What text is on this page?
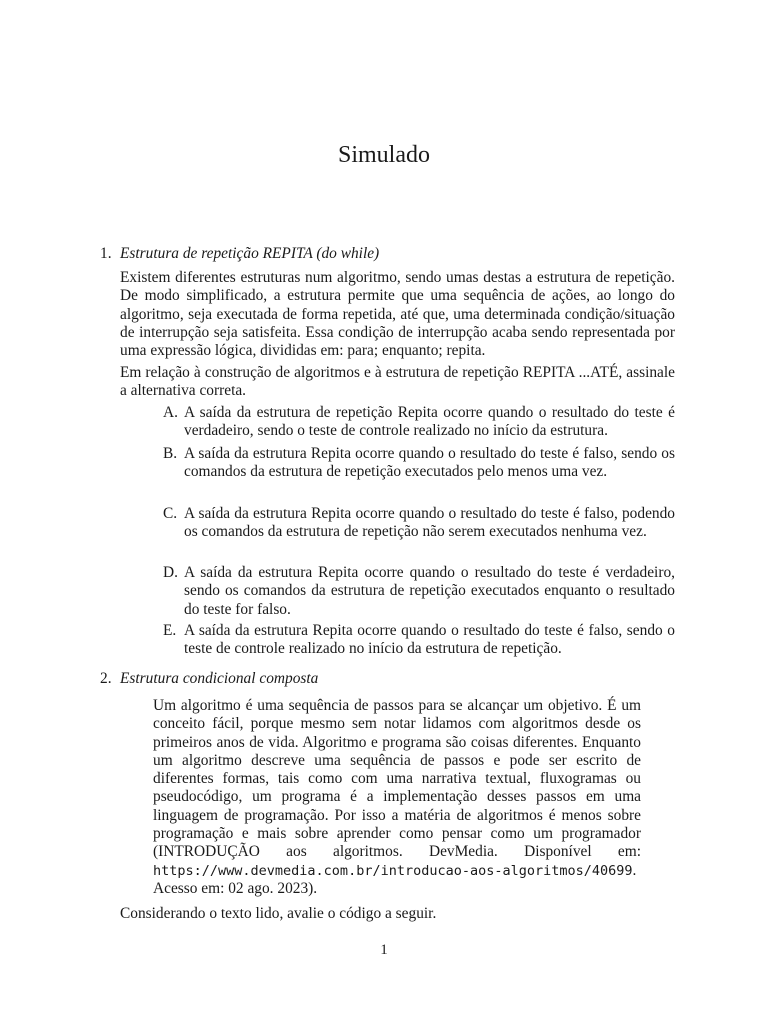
Simulado
1. Estrutura de repetição REPITA (do while)
Existem diferentes estruturas num algoritmo, sendo umas destas a estrutura de repetição. De modo simplificado, a estrutura permite que uma sequência de ações, ao longo do algoritmo, seja executada de forma repetida, até que, uma determinada condição/situação de interrupção seja satisfeita. Essa condição de interrupção acaba sendo representada por uma expressão lógica, divididas em: para; enquanto; repita.
Em relação à construção de algoritmos e à estrutura de repetição REPITA ...ATÉ, assinale a alternativa correta.
A. A saída da estrutura de repetição Repita ocorre quando o resultado do teste é verdadeiro, sendo o teste de controle realizado no início da estrutura.
B. A saída da estrutura Repita ocorre quando o resultado do teste é falso, sendo os comandos da estrutura de repetição executados pelo menos uma vez.
C. A saída da estrutura Repita ocorre quando o resultado do teste é falso, podendo os comandos da estrutura de repetição não serem executados nenhuma vez.
D. A saída da estrutura Repita ocorre quando o resultado do teste é verdadeiro, sendo os comandos da estrutura de repetição executados enquanto o resultado do teste for falso.
E. A saída da estrutura Repita ocorre quando o resultado do teste é falso, sendo o teste de controle realizado no início da estrutura de repetição.
2. Estrutura condicional composta
Um algoritmo é uma sequência de passos para se alcançar um objetivo. É um conceito fácil, porque mesmo sem notar lidamos com algoritmos desde os primeiros anos de vida. Algoritmo e programa são coisas diferentes. Enquanto um algoritmo descreve uma sequência de passos e pode ser escrito de diferentes formas, tais como com uma narrativa textual, fluxogramas ou pseudocódigo, um programa é a implementação desses passos em uma linguagem de programação. Por isso a matéria de algoritmos é menos sobre programação e mais sobre aprender como pensar como um programador (INTRODUÇÃO aos algoritmos. DevMedia. Disponível em: https://www.devmedia.com.br/introducao-aos-algoritmos/40699. Acesso em: 02 ago. 2023).
Considerando o texto lido, avalie o código a seguir.
1
